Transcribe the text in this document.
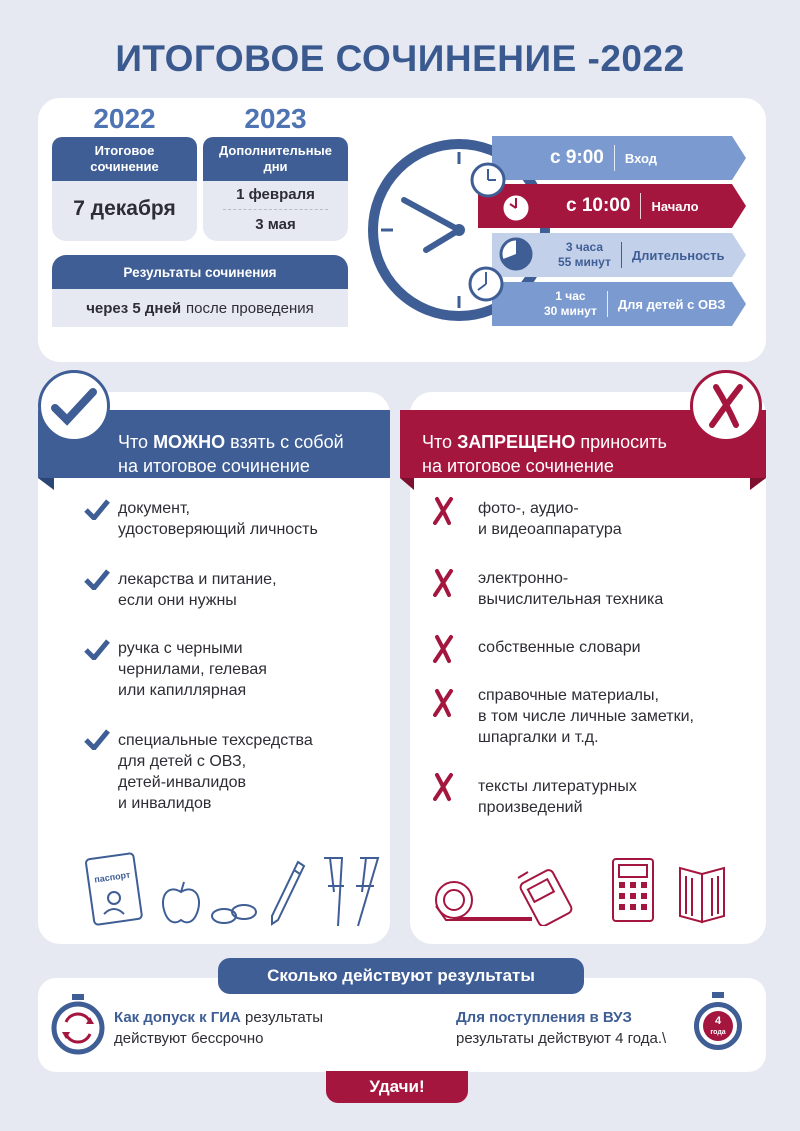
ИТОГОВОЕ СОЧИНЕНИЕ -2022
2022
Итоговое
сочинение
7 декабря
2023
Дополнительные
дни
1 февраля
3 мая
Результаты сочинения
через 5 дней после проведения
с 9:00 Вход
с 10:00 Начало
3 часа
55 минут Длительность
1 час
30 минут Для детей с ОВЗ
Что МОЖНО взять с собой
на итоговое сочинение
документ,
удостоверяющий личность
лекарства и питание,
если они нужны
ручка с черными
чернилами, гелевая
или капиллярная
специальные техсредства
для детей с ОВЗ,
детей-инвалидов
и инвалидов
паспорт
Что ЗАПРЕЩЕНО приносить
на итоговое сочинение
фото-, аудио-
и видеоаппаратура
электронно-
вычислительная техника
собственные словари
справочные материалы,
в том числе личные заметки,
шпаргалки и т.д.
тексты литературных
произведений
Сколько действуют результаты
Как допуск к ГИА результаты
действуют бессрочно
Для поступления в ВУЗ
результаты действуют 4 года.\
4
года
Удачи!
